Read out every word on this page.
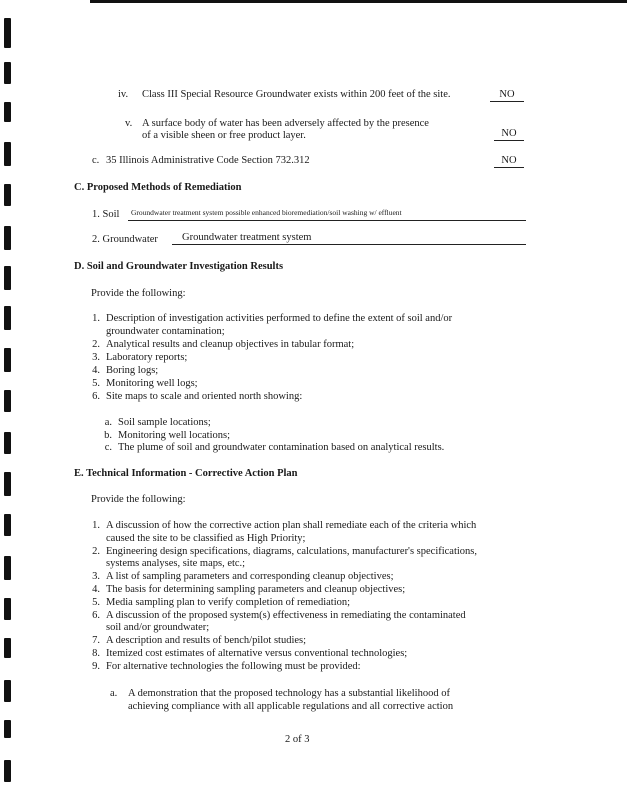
iv. Class III Special Resource Groundwater exists within 200 feet of the site.	NO
v. A surface body of water has been adversely affected by the presence
of a visible sheen or free product layer.	NO
c. 35 Illinois Administrative Code Section 732.312	NO
C. Proposed Methods of Remediation
1. Soil Groundwater treatment system possible enhanced bioremediation/soil washing w/ effluent
2. Groundwater Groundwater treatment system
D. Soil and Groundwater Investigation Results
Provide the following:
1. Description of investigation activities performed to define the extent of soil and/or
groundwater contamination;
2. Analytical results and cleanup objectives in tabular format;
3. Laboratory reports;
4. Boring logs;
5. Monitoring well logs;
6. Site maps to scale and oriented north showing:
a. Soil sample locations;
b. Monitoring well locations;
c. The plume of soil and groundwater contamination based on analytical results.
E. Technical Information - Corrective Action Plan
Provide the following:
1. A discussion of how the corrective action plan shall remediate each of the criteria which
caused the site to be classified as High Priority;
2. Engineering design specifications, diagrams, calculations, manufacturer's specifications,
systems analyses, site maps, etc.;
3. A list of sampling parameters and corresponding cleanup objectives;
4. The basis for determining sampling parameters and cleanup objectives;
5. Media sampling plan to verify completion of remediation;
6. A discussion of the proposed system(s) effectiveness in remediating the contaminated
soil and/or groundwater;
7. A description and results of bench/pilot studies;
8. Itemized cost estimates of alternative versus conventional technologies;
9. For alternative technologies the following must be provided:
a. A demonstration that the proposed technology has a substantial likelihood of
achieving compliance with all applicable regulations and all corrective action
2 of 3
